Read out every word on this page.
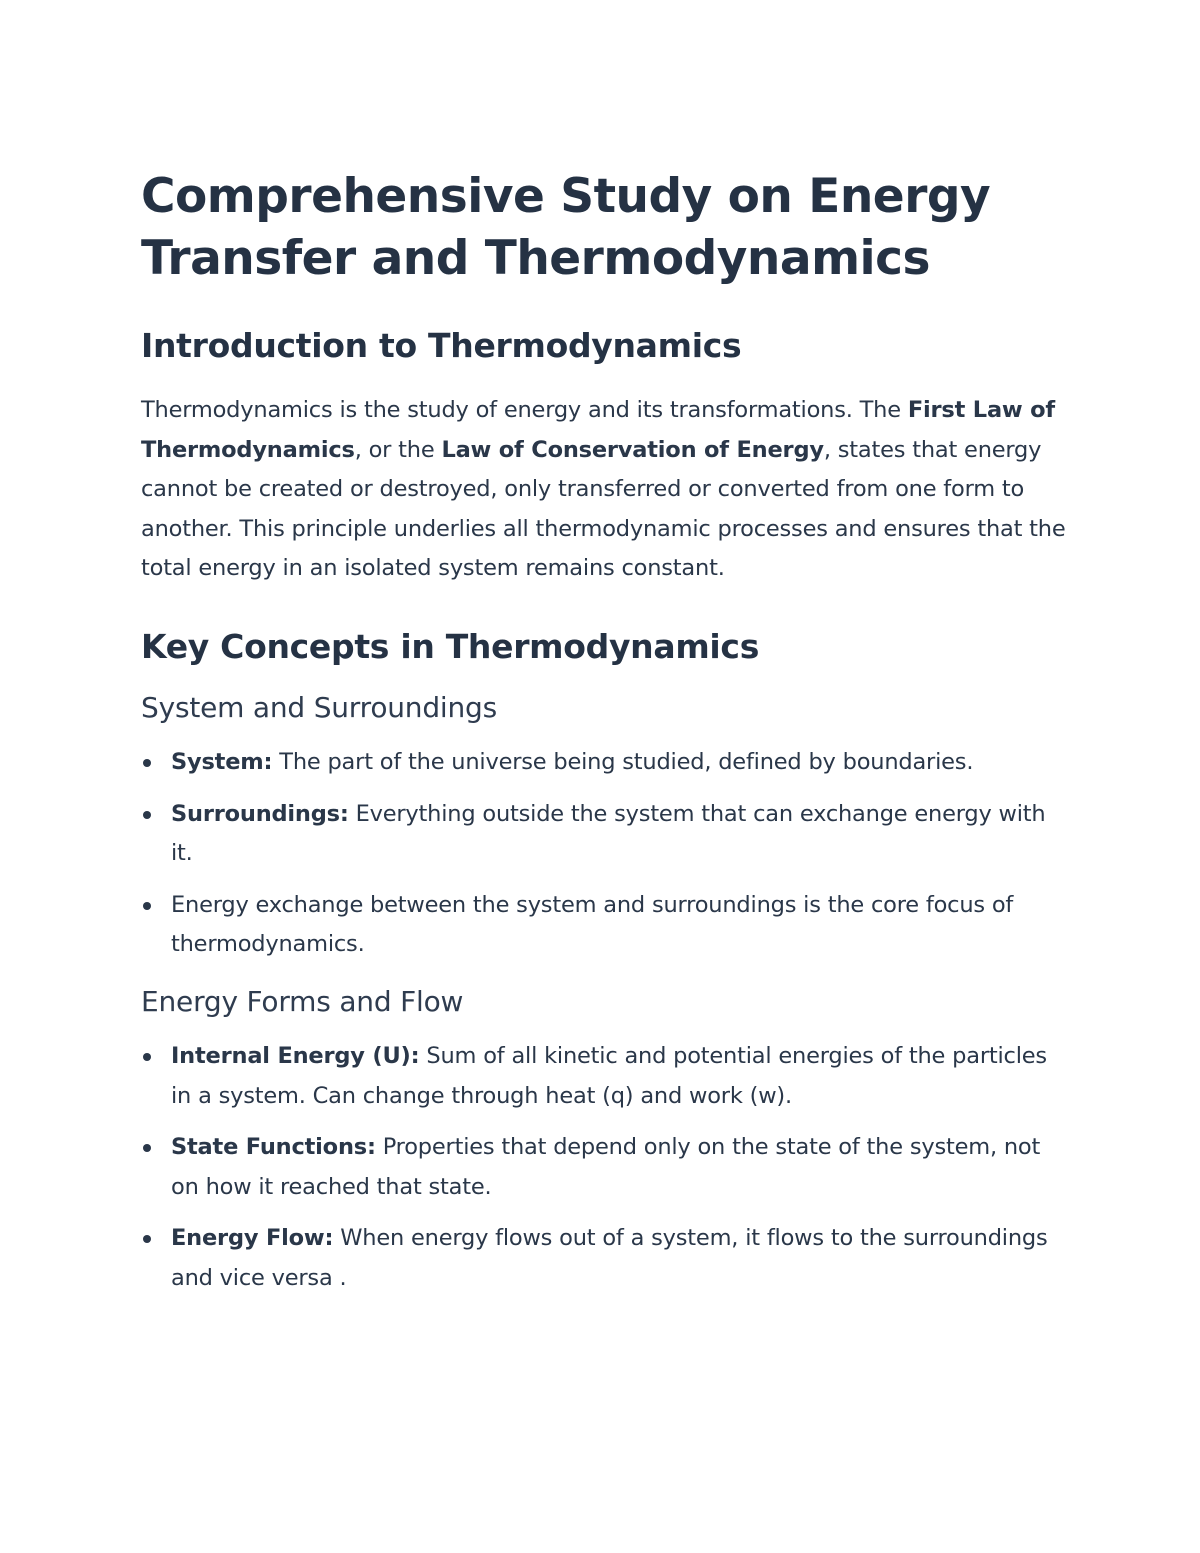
Comprehensive Study on Energy Transfer and Thermodynamics
Introduction to Thermodynamics

Thermodynamics is the study of energy and its transformations. The First Law of Thermodynamics, or the Law of Conservation of Energy, states that energy cannot be created or destroyed, only transferred or converted from one form to another. This principle underlies all thermodynamic processes and ensures that the total energy in an isolated system remains constant.

Key Concepts in Thermodynamics
System and Surroundings
System: The part of the universe being studied, defined by boundaries.
Surroundings: Everything outside the system that can exchange energy with it.
Energy exchange between the system and surroundings is the core focus of thermodynamics.
Energy Forms and Flow
Internal Energy (U): Sum of all kinetic and potential energies of the particles in a system. Can change through heat (q) and work (w).
State Functions: Properties that depend only on the state of the system, not on how it reached that state.
Energy Flow: When energy flows out of a system, it flows to the surroundings and vice versa .
